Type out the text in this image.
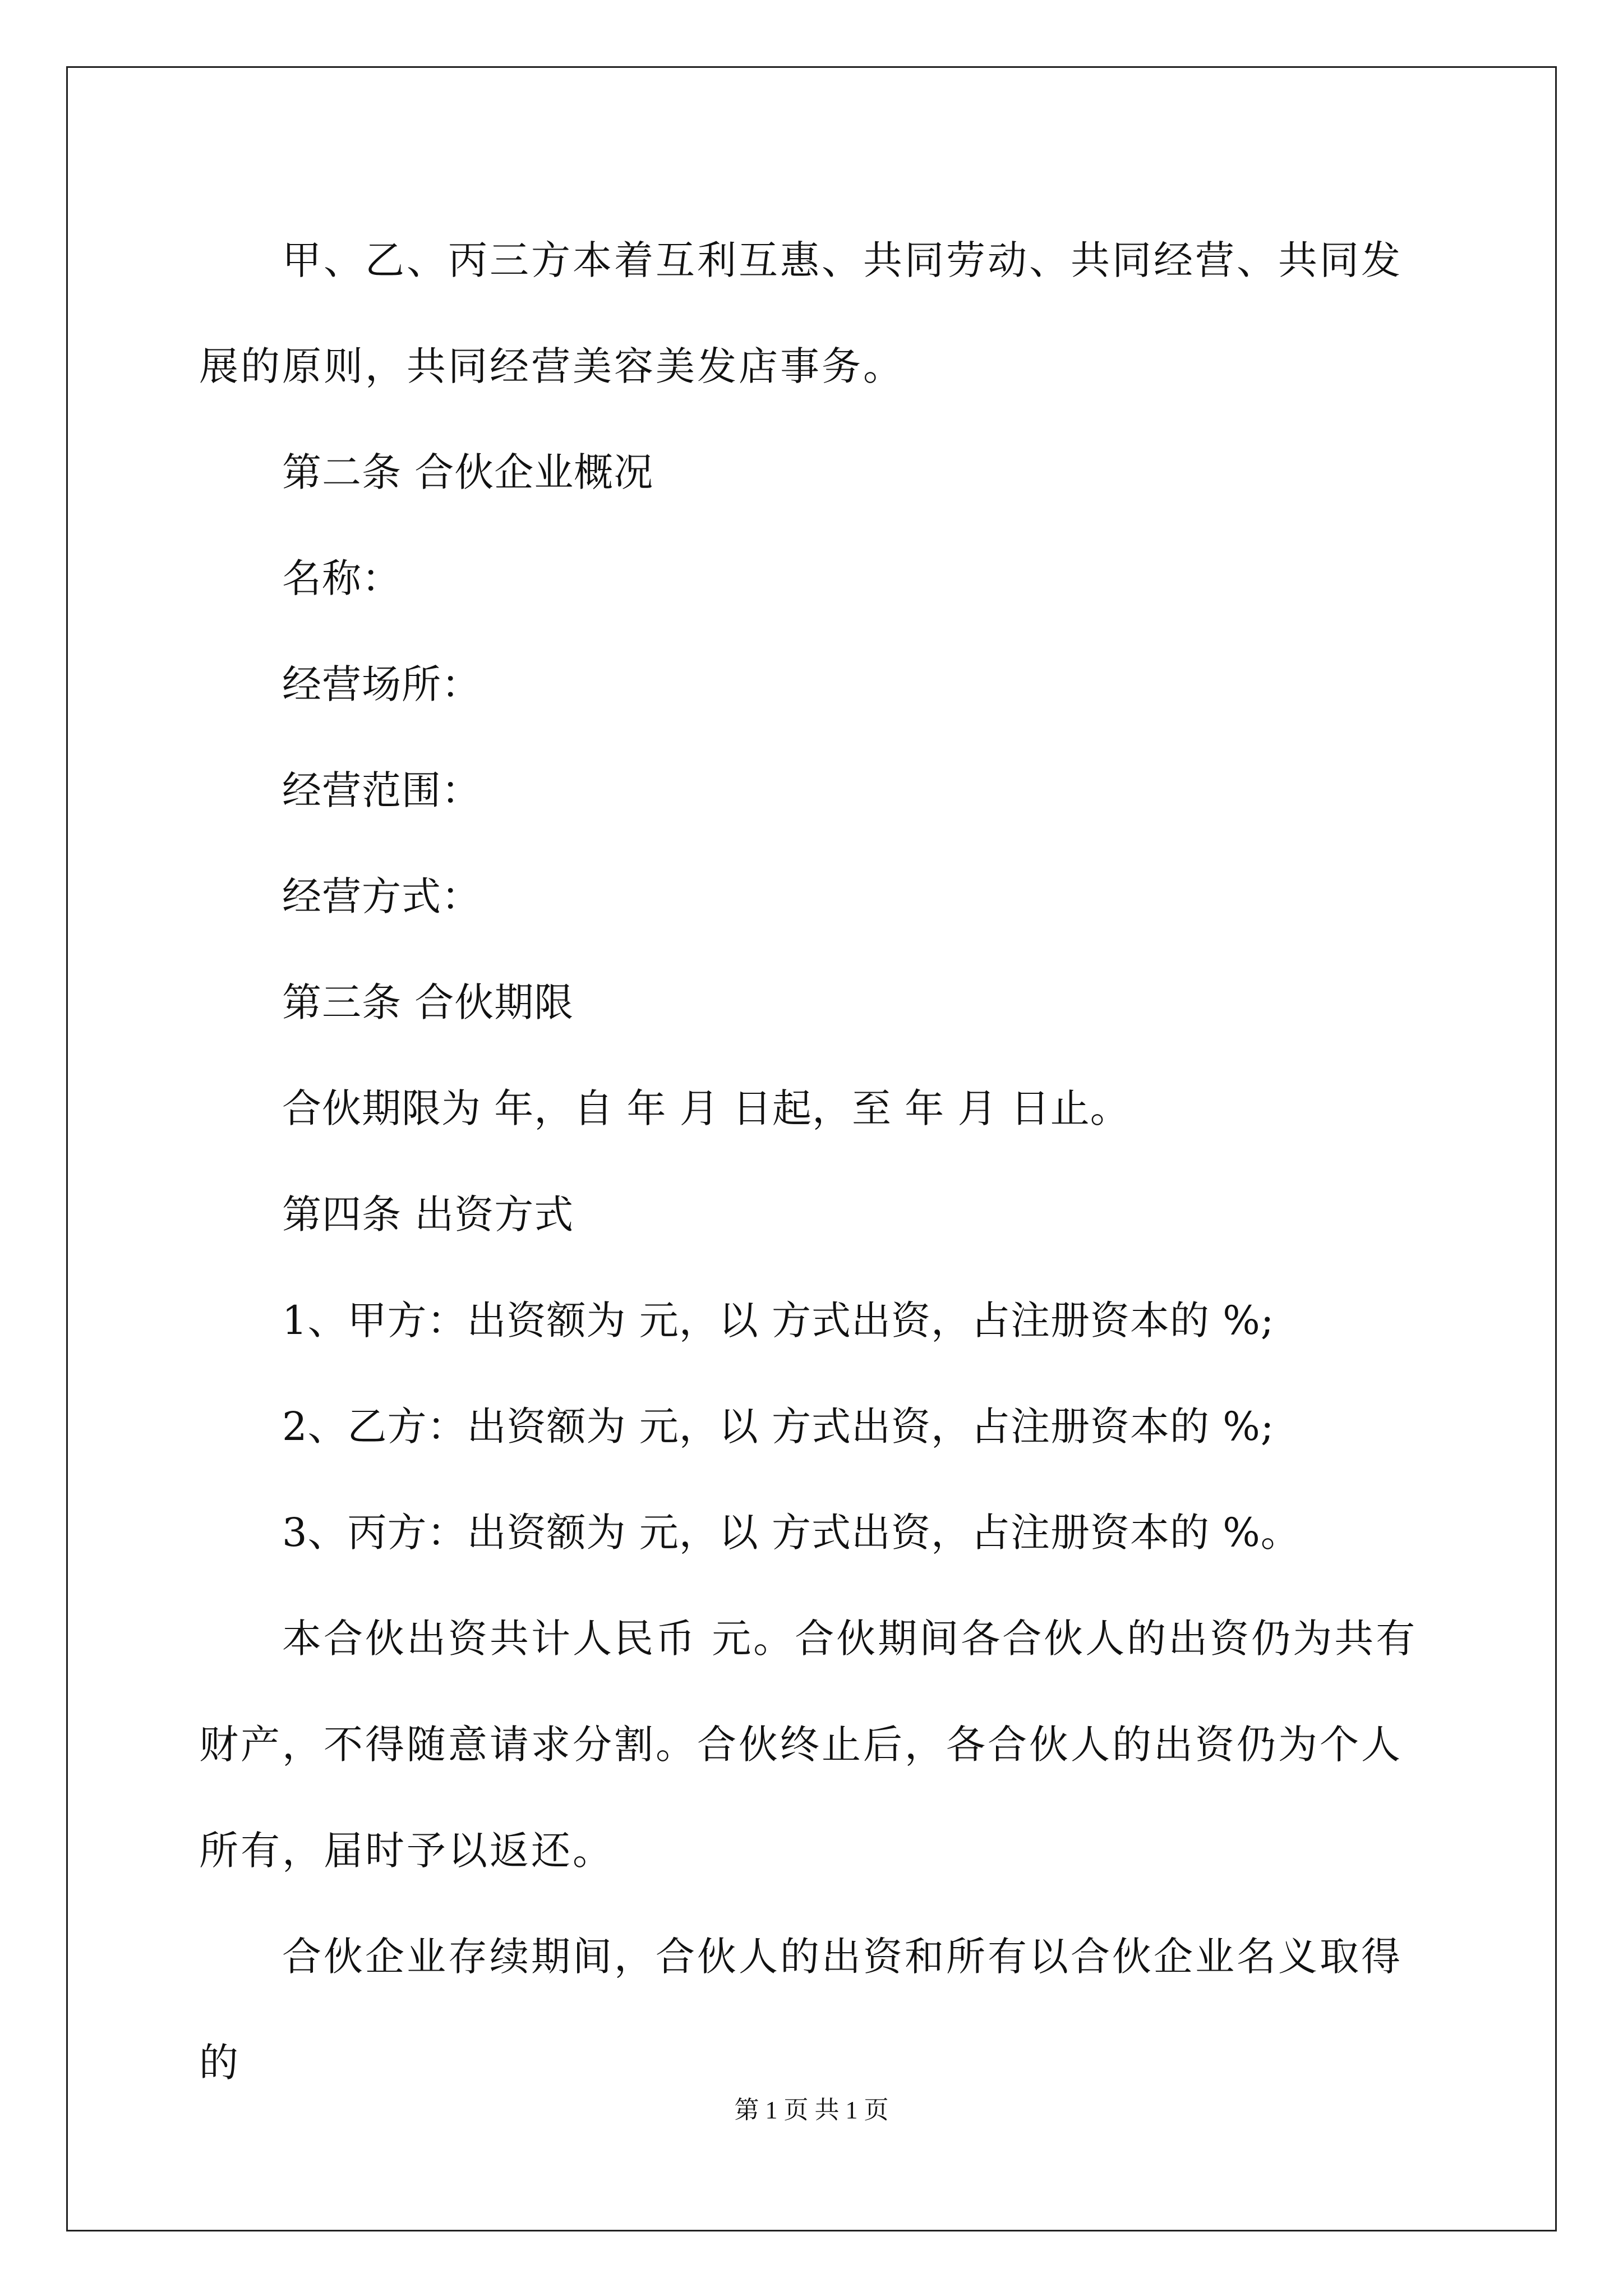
甲、乙、丙三方本着互利互惠、共同劳动、共同经营、共同发展的原则，共同经营美容美发店事务。

第二条 合伙企业概况

名称：

经营场所：

经营范围：

经营方式：

第三条 合伙期限

合伙期限为 年，自 年 月 日起，至 年 月 日止。

第四条 出资方式

1、甲方：出资额为 元，以 方式出资，占注册资本的 %;

2、乙方：出资额为 元，以 方式出资，占注册资本的 %;

3、丙方：出资额为 元，以 方式出资，占注册资本的 %。

本合伙出资共计人民币 元。合伙期间各合伙人的出资仍为共有财产，不得随意请求分割。合伙终止后，各合伙人的出资仍为个人所有，届时予以返还。

合伙企业存续期间，合伙人的出资和所有以合伙企业名义取得的

第 1 页 共 1 页
